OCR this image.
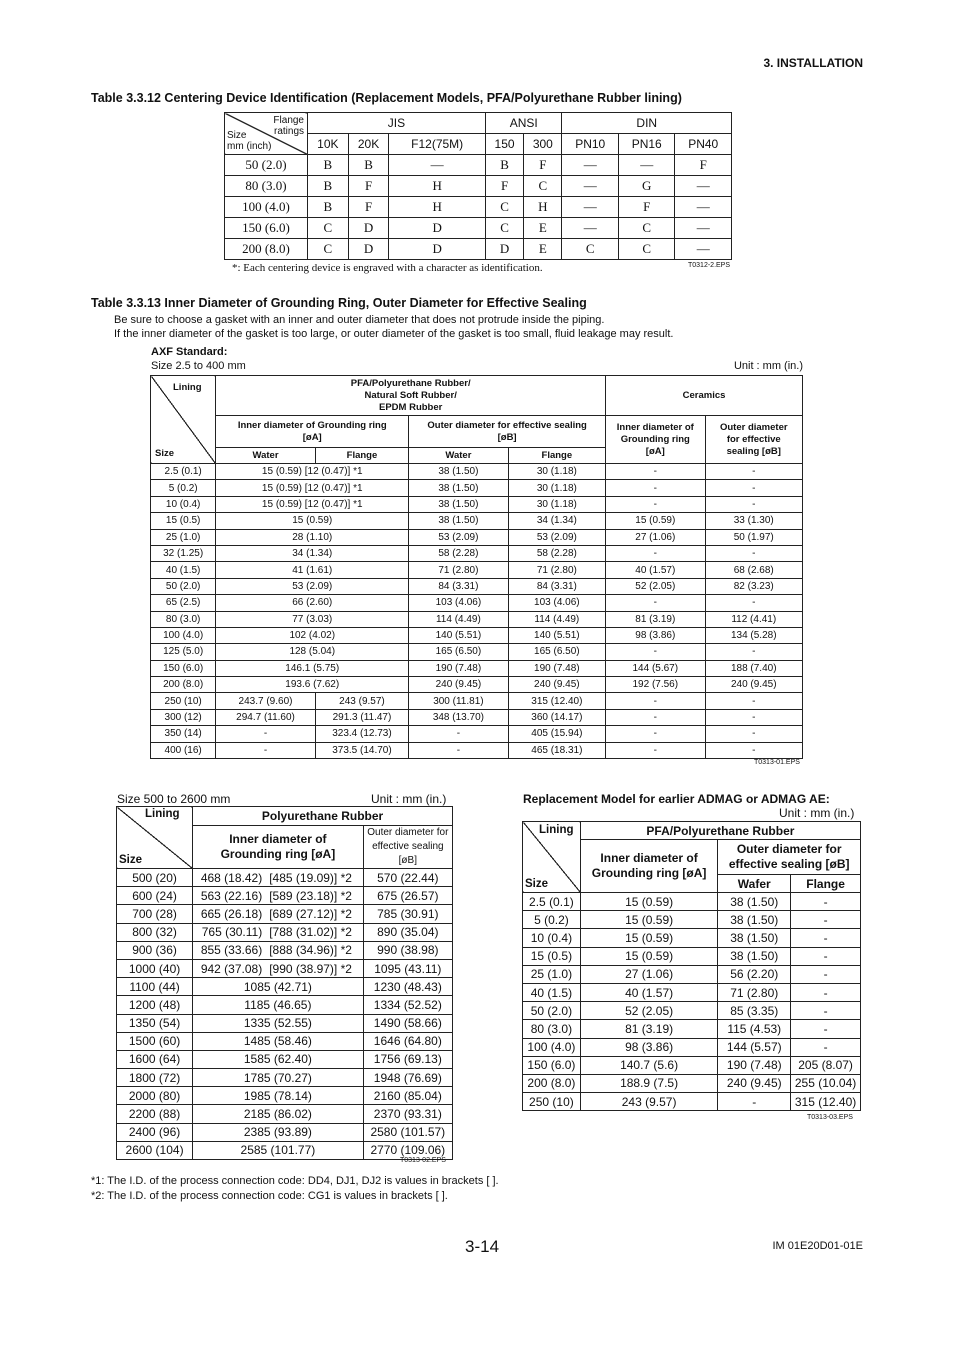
3. INSTALLATION
Table 3.3.12 Centering Device Identification (Replacement Models, PFA/Polyurethane Rubber lining)
Flange
ratings
Size
mm (inch)	JIS			ANSI		DIN		
	10K	20K	F12(75M)	150	300	PN10	PN16	PN40
50 (2.0)	B	B	—	B	F	—	—	F
80 (3.0)	B	F	H	F	C	—	G	—
100 (4.0)	B	F	H	C	H	—	F	—
150 (6.0)	C	D	D	C	E	—	C	—
200 (8.0)	C	D	D	D	E	C	C	—
*: Each centering device is engraved with a character as identification.	T0312-2.EPS
Table 3.3.13 Inner Diameter of Grounding Ring, Outer Diameter for Effective Sealing
Be sure to choose a gasket with an inner and outer diameter that does not protrude inside the piping.
If the inner diameter of the gasket is too large, or outer diameter of the gasket is too small, fluid leakage may result.
AXF Standard:
Size 2.5 to 400 mm	Unit : mm (in.)
Lining
Size	PFA/Polyurethane Rubber/
Natural Soft Rubber/
EPDM Rubber				Ceramics	
	Inner diameter of Grounding ring
[øA]		Outer diameter for effective sealing
[øB]		Inner diameter of
Grounding ring
[øA]	Outer diameter
for effective
sealing [øB]
	Water	Flange	Water	Flange		
2.5 (0.1)	15 (0.59) [12 (0.47)] *1		38 (1.50)	30 (1.18)	-	-
5 (0.2)	15 (0.59) [12 (0.47)] *1		38 (1.50)	30 (1.18)	-	-
10 (0.4)	15 (0.59) [12 (0.47)] *1		38 (1.50)	30 (1.18)	-	-
15 (0.5)	15 (0.59)		38 (1.50)	34 (1.34)	15 (0.59)	33 (1.30)
25 (1.0)	28 (1.10)		53 (2.09)	53 (2.09)	27 (1.06)	50 (1.97)
32 (1.25)	34 (1.34)		58 (2.28)	58 (2.28)	-	-
40 (1.5)	41 (1.61)		71 (2.80)	71 (2.80)	40 (1.57)	68 (2.68)
50 (2.0)	53 (2.09)		84 (3.31)	84 (3.31)	52 (2.05)	82 (3.23)
65 (2.5)	66 (2.60)		103 (4.06)	103 (4.06)	-	-
80 (3.0)	77 (3.03)		114 (4.49)	114 (4.49)	81 (3.19)	112 (4.41)
100 (4.0)	102 (4.02)		140 (5.51)	140 (5.51)	98 (3.86)	134 (5.28)
125 (5.0)	128 (5.04)		165 (6.50)	165 (6.50)	-	-
150 (6.0)	146.1 (5.75)		190 (7.48)	190 (7.48)	144 (5.67)	188 (7.40)
200 (8.0)	193.6 (7.62)		240 (9.45)	240 (9.45)	192 (7.56)	240 (9.45)
250 (10)	243.7 (9.60)	243 (9.57)	300 (11.81)	315 (12.40)	-	-
300 (12)	294.7 (11.60)	291.3 (11.47)	348 (13.70)	360 (14.17)	-	-
350 (14)	-	323.4 (12.73)	-	405 (15.94)	-	-
400 (16)	-	373.5 (14.70)	-	465 (18.31)	-	-
T0313-01.EPS
Size 500 to 2600 mm	Unit : mm (in.)
Lining
Size	Polyurethane Rubber		
	Inner diameter of
Grounding ring [øA]		Outer diameter for
effective sealing [øB]
500 (20)	468 (18.42)	[485 (19.09)] *2	570 (22.44)
600 (24)	563 (22.16)	[589 (23.18)] *2	675 (26.57)
700 (28)	665 (26.18)	[689 (27.12)] *2	785 (30.91)
800 (32)	765 (30.11)	[788 (31.02)] *2	890 (35.04)
900 (36)	855 (33.66)	[888 (34.96)] *2	990 (38.98)
1000 (40)	942 (37.08)	[990 (38.97)] *2	1095 (43.11)
1100 (44)	1085 (42.71)		1230 (48.43)
1200 (48)	1185 (46.65)		1334 (52.52)
1350 (54)	1335 (52.55)		1490 (58.66)
1500 (60)	1485 (58.46)		1646 (64.80)
1600 (64)	1585 (62.40)		1756 (69.13)
1800 (72)	1785 (70.27)		1948 (76.69)
2000 (80)	1985 (78.14)		2160 (85.04)
2200 (88)	2185 (86.02)		2370 (93.31)
2400 (96)	2385 (93.89)		2580 (101.57)
2600 (104)	2585 (101.77)		2770 (109.06)
T0313-02.EPS
Replacement Model for earlier ADMAG or ADMAG AE:
Unit : mm (in.)
Lining
Size	PFA/Polyurethane Rubber		
	Inner diameter of
Grounding ring [øA]	Outer diameter for
effective sealing [øB]	
		Wafer	Flange
2.5 (0.1)	15 (0.59)	38 (1.50)	-
5 (0.2)	15 (0.59)	38 (1.50)	-
10 (0.4)	15 (0.59)	38 (1.50)	-
15 (0.5)	15 (0.59)	38 (1.50)	-
25 (1.0)	27 (1.06)	56 (2.20)	-
40 (1.5)	40 (1.57)	71 (2.80)	-
50 (2.0)	52 (2.05)	85 (3.35)	-
80 (3.0)	81 (3.19)	115 (4.53)	-
100 (4.0)	98 (3.86)	144 (5.57)	-
150 (6.0)	140.7 (5.6)	190 (7.48)	205 (8.07)
200 (8.0)	188.9 (7.5)	240 (9.45)	255 (10.04)
250 (10)	243 (9.57)	-	315 (12.40)
T0313-03.EPS
*1: The I.D. of the process connection code: DD4, DJ1, DJ2 is values in brackets [ ].
*2: The I.D. of the process connection code: CG1 is values in brackets [ ].
3-14	IM 01E20D01-01E
